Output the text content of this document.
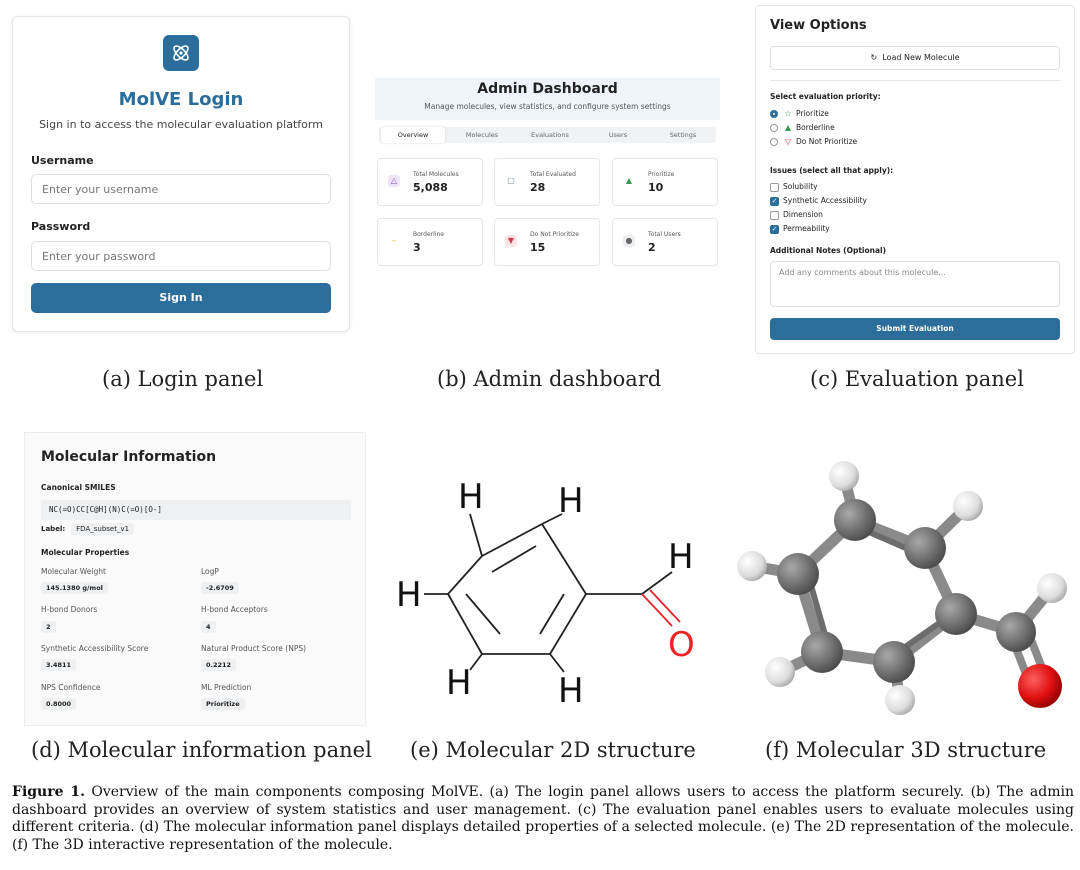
MolVE Login
Sign in to access the molecular evaluation platform
Username
Enter your username
Password
Enter your password
Sign In
(a) Login panel
Admin Dashboard
Manage molecules, view statistics, and configure system settings
Overview	Molecules	Evaluations	Users	Settings
△
Total Molecules
5,088
□
Total Evaluated
28
▲
Prioritize
10
–
Borderline
3
▼
Do Not Prioritize
15
●
Total Users
2
(b) Admin dashboard
View Options
↻ Load New Molecule
Select evaluation priority:
☆ Prioritize
▲ Borderline
▽ Do Not Prioritize
Issues (select all that apply):
Solubility
✓ Synthetic Accessibility
Dimension
✓ Permeability
Additional Notes (Optional)
Add any comments about this molecule...
Submit Evaluation
(c) Evaluation panel
Molecular Information
Canonical SMILES
NC(=O)CC[C@H](N)C(=O)[O-]
Label: FDA_subset_v1
Molecular Properties
Molecular Weight
145.1380 g/mol
LogP
-2.6709
H-bond Donors
2
H-bond Acceptors
4
Synthetic Accessibility Score
3.4811
Natural Product Score (NPS)
0.2212
NPS Confidence
0.8000
ML Prediction
Prioritize
(d) Molecular information panel
H H
H
H
H	H
O
(e) Molecular 2D structure	(f) Molecular 3D structure
Figure 1. Overview of the main components composing MolVE. (a) The login panel allows users to access the platform securely. (b) The admin dashboard provides an overview of system statistics and user management. (c) The evaluation panel enables users to evaluate molecules using different criteria. (d) The molecular information panel displays detailed properties of a selected molecule. (e) The 2D representation of the molecule. (f) The 3D interactive representation of the molecule.
